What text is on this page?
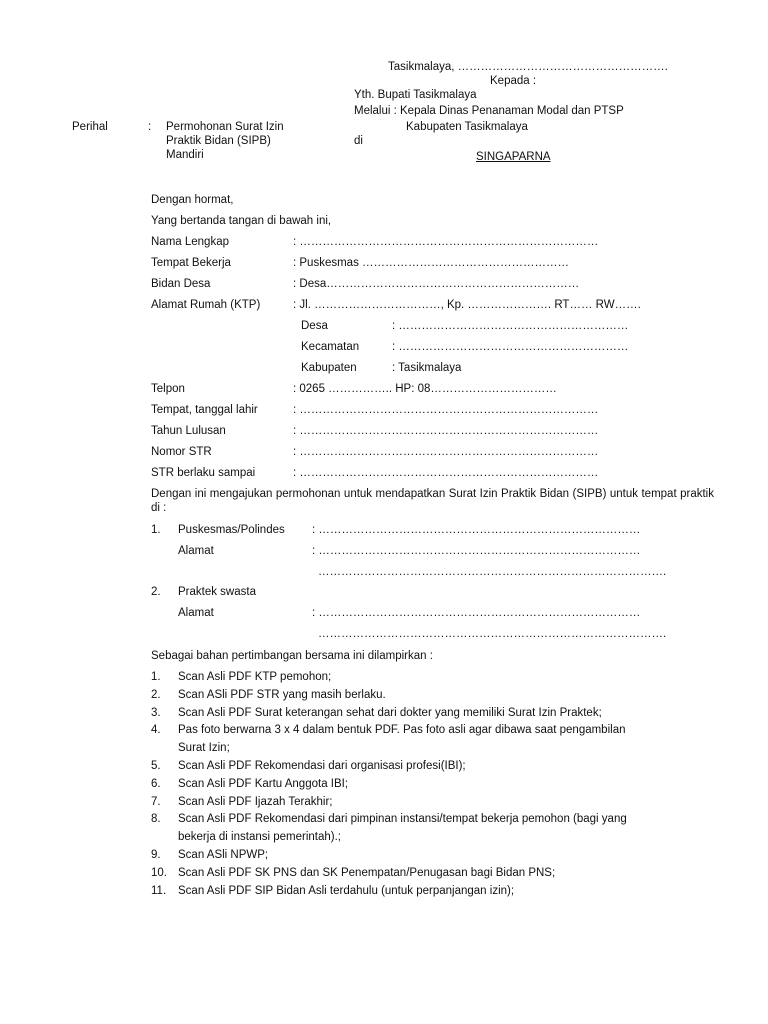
Tasikmalaya, ……………………………………………….
Kepada :
Yth. Bupati Tasikmalaya
Melalui : Kepala Dinas Penanaman Modal dan PTSP
Kabupaten Tasikmalaya
di
SINGAPARNA
Perihal	: Permohonan Surat Izin
Praktik Bidan (SIPB)
Mandiri
Dengan hormat,
Yang bertanda tangan di bawah ini,
Nama Lengkap	: ……………………………………………………………………
Tempat Bekerja	: Puskesmas ………………………………………………
Bidan Desa	: Desa…………………………………………………………
Alamat Rumah (KTP)	: Jl. ……………………………, Kp. …………………. RT…… RW…….
Desa	: ……………………………………………………
Kecamatan	: ……………………………………………………
Kabupaten	: Tasikmalaya
Telpon	: 0265 …………….. HP: 08……………………………
Tempat, tanggal lahir	: ……………………………………………………………………
Tahun Lulusan	: ……………………………………………………………………
Nomor STR	: ……………………………………………………………………
STR berlaku sampai	: ……………………………………………………………………
Dengan ini mengajukan permohonan untuk mendapatkan Surat Izin Praktik Bidan (SIPB) untuk tempat praktik di :
1. Puskesmas/Polindes : …………………………………………………………………………
Alamat	: …………………………………………………………………………
……………………………………………………………………………….
2. Praktek swasta
Alamat	: …………………………………………………………………………
……………………………………………………………………………….
Sebagai bahan pertimbangan bersama ini dilampirkan :
1. Scan Asli PDF KTP pemohon;
2. Scan ASli PDF STR yang masih berlaku.
3. Scan Asli PDF Surat keterangan sehat dari dokter yang memiliki Surat Izin Praktek;
4. Pas foto berwarna 3 x 4 dalam bentuk PDF. Pas foto asli agar dibawa saat pengambilan
Surat Izin;
5. Scan Asli PDF Rekomendasi dari organisasi profesi(IBI);
6. Scan Asli PDF Kartu Anggota IBI;
7. Scan Asli PDF Ijazah Terakhir;
8. Scan Asli PDF Rekomendasi dari pimpinan instansi/tempat bekerja pemohon (bagi yang
bekerja di instansi pemerintah).;
9. Scan ASli NPWP;
10. Scan Asli PDF SK PNS dan SK Penempatan/Penugasan bagi Bidan PNS;
11. Scan Asli PDF SIP Bidan Asli terdahulu (untuk perpanjangan izin);
